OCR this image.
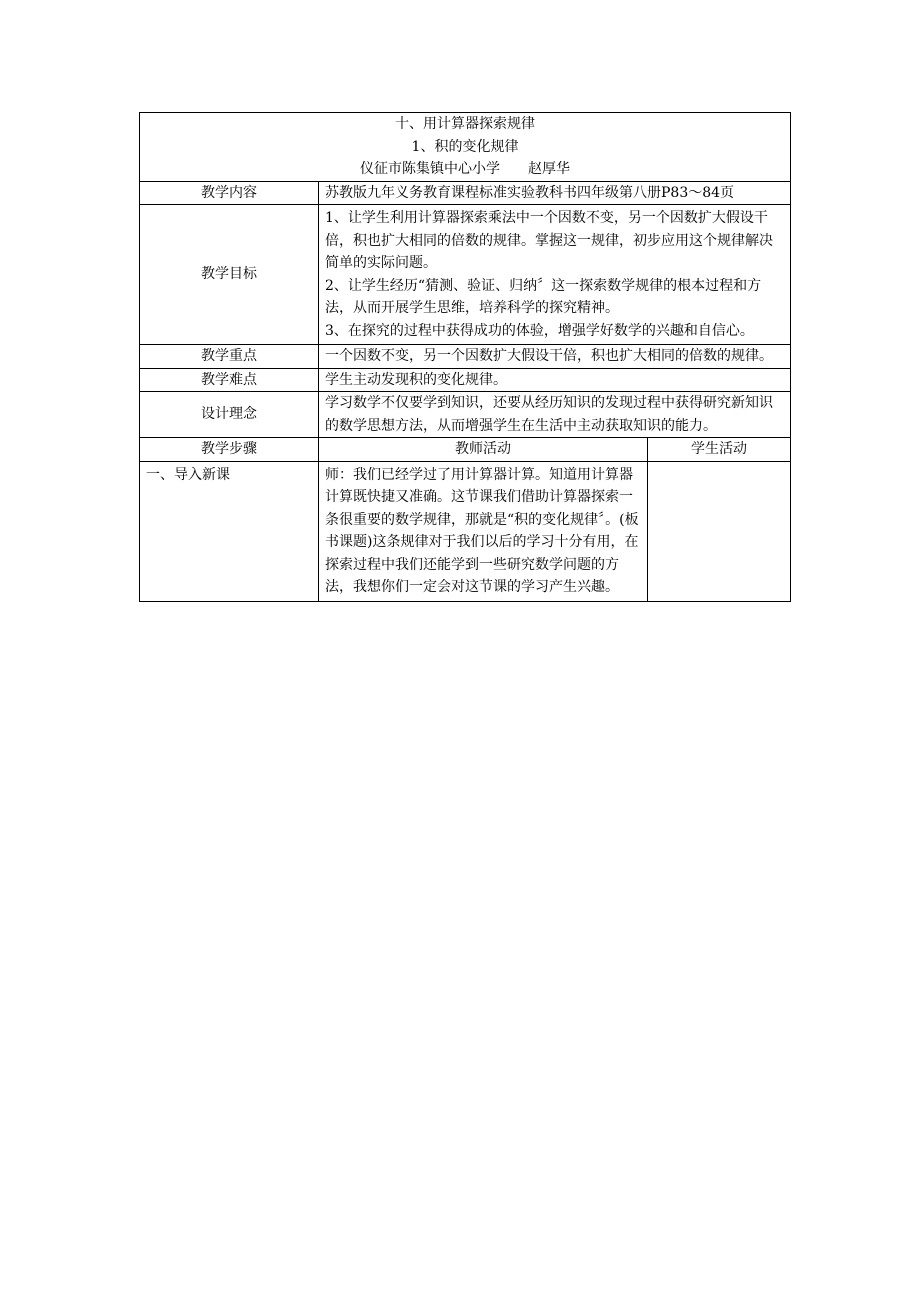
十、用计算器探索规律
1、积的变化规律
仪征市陈集镇中心小学 赵厚华		

教学内容	苏教版九年义务教育课程标准实验教科书四年级第八册P83～84页	
教学目标	1、让学生利用计算器探索乘法中一个因数不变，另一个因数扩大假设干倍，积也扩大相同的倍数的规律。掌握这一规律，初步应用这个规律解决简单的实际问题。
2、让学生经历“猜测、验证、归纳〞这一探索数学规律的根本过程和方法，从而开展学生思维，培养科学的探究精神。
3、在探究的过程中获得成功的体验，增强学好数学的兴趣和自信心。	

教学重点	一个因数不变，另一个因数扩大假设干倍，积也扩大相同的倍数的规律。	
教学难点	学生主动发现积的变化规律。	
设计理念	学习数学不仅要学到知识，还要从经历知识的发现过程中获得研究新知识的数学思想方法，从而增强学生在生活中主动获取知识的能力。	
教学步骤	教师活动	学生活动
一、导入新课	师：我们已经学过了用计算器计算。知道用计算器计算既快捷又准确。这节课我们借助计算器探索一条很重要的数学规律，那就是“积的变化规律〞。(板书课题)这条规律对于我们以后的学习十分有用，在探索过程中我们还能学到一些研究数学问题的方法，我想你们一定会对这节课的学习产生兴趣。	
